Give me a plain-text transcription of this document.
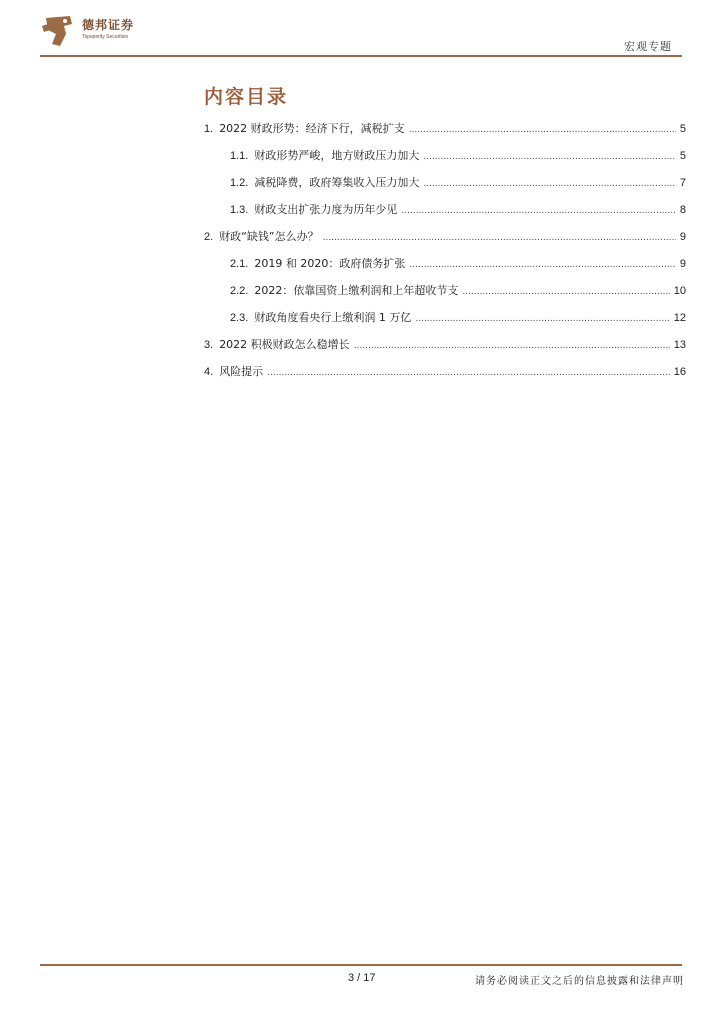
德邦证券
Topsperity Securities
宏观专题
内容目录
1. 2022 财政形势：经济下行，减税扩支 .....	5
1.1. 财政形势严峻，地方财政压力加大 .....	5
1.2. 减税降费，政府筹集收入压力加大 .....	7
1.3. 财政支出扩张力度为历年少见 .....	8
2. 财政“缺钱”怎么办？ .....	9
2.1. 2019 和 2020：政府债务扩张 .....	9
2.2. 2022：依靠国资上缴利润和上年超收节支 .....	10
2.3. 财政角度看央行上缴利润 1 万亿 .....	12
3. 2022 积极财政怎么稳增长 .....	13
4. 风险提示 .....	16
3 / 17	请务必阅读正文之后的信息披露和法律声明
